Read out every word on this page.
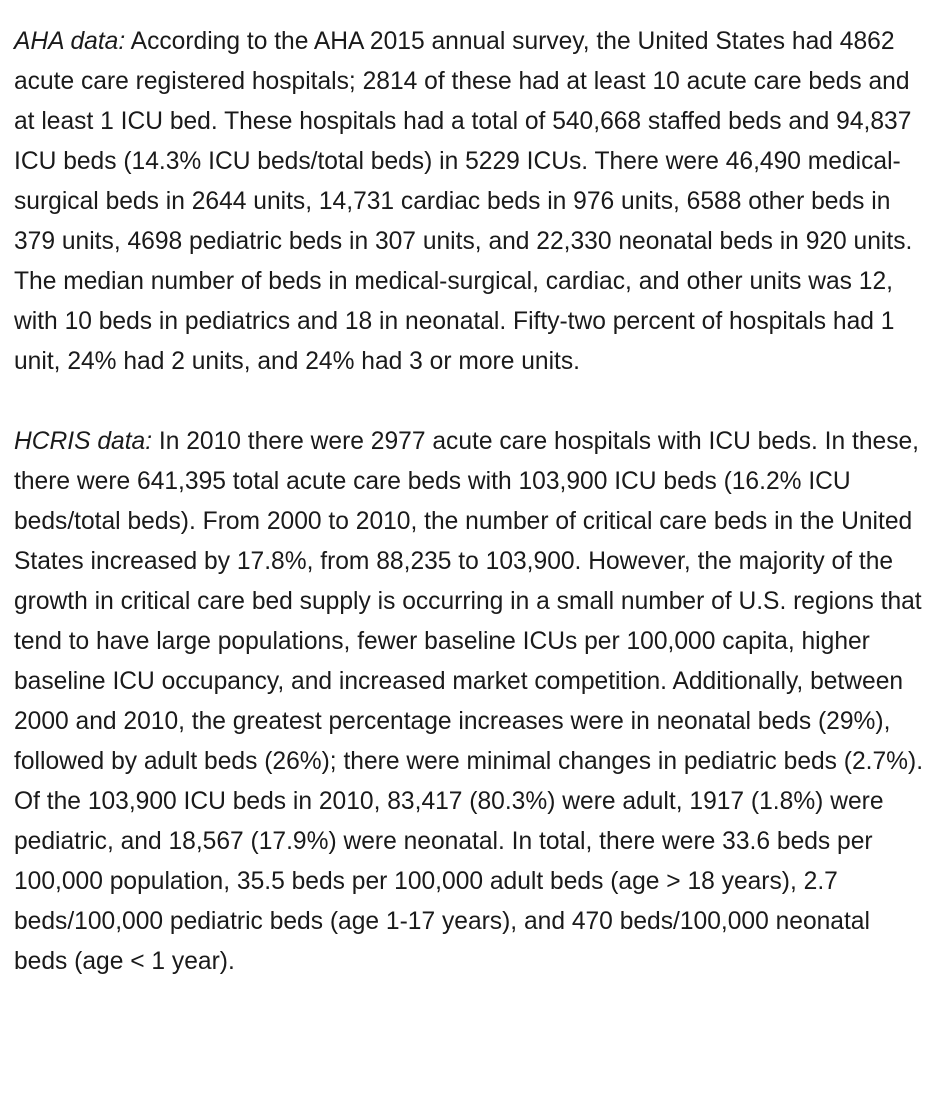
AHA data: According to the AHA 2015 annual survey, the United States had 4862 acute care registered hospitals; 2814 of these had at least 10 acute care beds and at least 1 ICU bed. These hospitals had a total of 540,668 staffed beds and 94,837 ICU beds (14.3% ICU beds/total beds) in 5229 ICUs. There were 46,490 medical-surgical beds in 2644 units, 14,731 cardiac beds in 976 units, 6588 other beds in 379 units, 4698 pediatric beds in 307 units, and 22,330 neonatal beds in 920 units. The median number of beds in medical-surgical, cardiac, and other units was 12, with 10 beds in pediatrics and 18 in neonatal. Fifty-two percent of hospitals had 1 unit, 24% had 2 units, and 24% had 3 or more units.

HCRIS data: In 2010 there were 2977 acute care hospitals with ICU beds. In these, there were 641,395 total acute care beds with 103,900 ICU beds (16.2% ICU beds/total beds). From 2000 to 2010, the number of critical care beds in the United States increased by 17.8%, from 88,235 to 103,900. However, the majority of the growth in critical care bed supply is occurring in a small number of U.S. regions that tend to have large populations, fewer baseline ICUs per 100,000 capita, higher baseline ICU occupancy, and increased market competition. Additionally, between 2000 and 2010, the greatest percentage increases were in neonatal beds (29%), followed by adult beds (26%); there were minimal changes in pediatric beds (2.7%). Of the 103,900 ICU beds in 2010, 83,417 (80.3%) were adult, 1917 (1.8%) were pediatric, and 18,567 (17.9%) were neonatal. In total, there were 33.6 beds per 100,000 population, 35.5 beds per 100,000 adult beds (age > 18 years), 2.7 beds/100,000 pediatric beds (age 1-17 years), and 470 beds/100,000 neonatal beds (age < 1 year).
